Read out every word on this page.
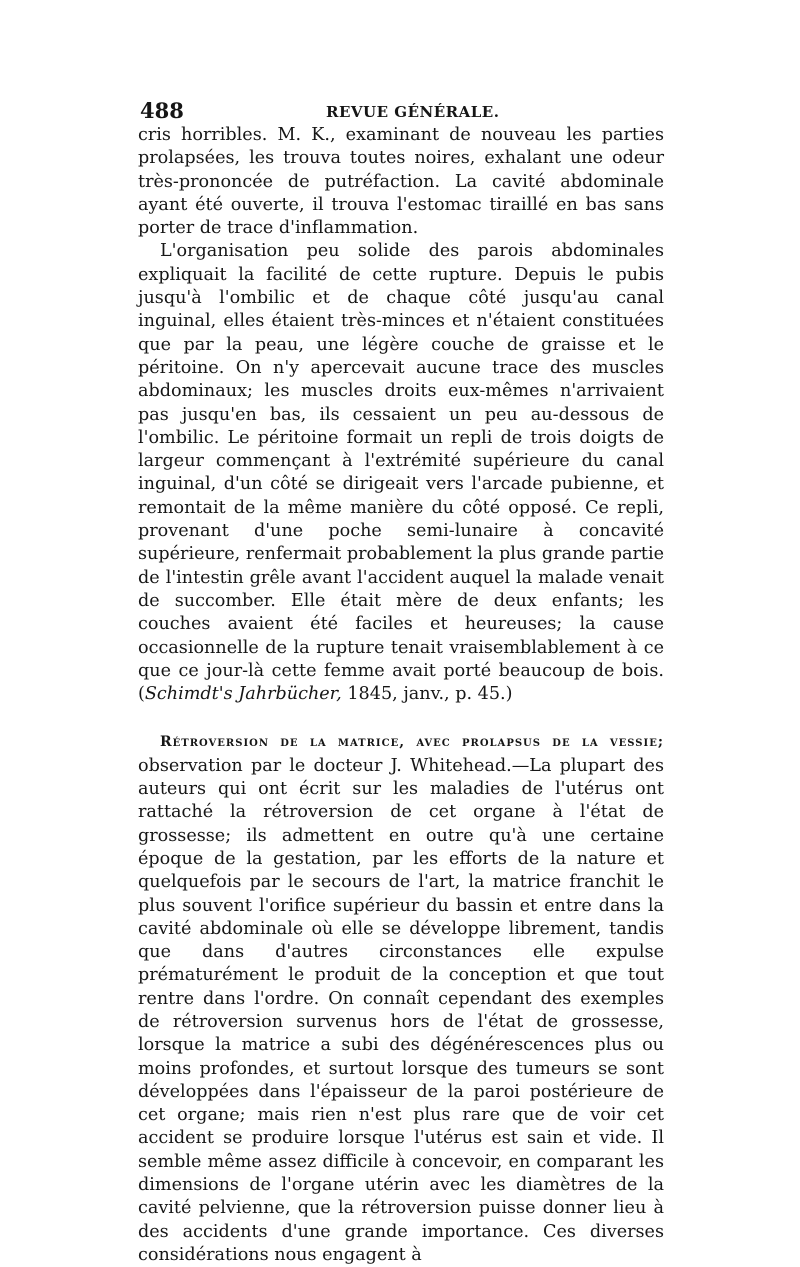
488	REVUE GÉNÉRALE.

cris horribles. M. K., examinant de nouveau les parties prolapsées, les trouva toutes noires, exhalant une odeur très-prononcée de putréfaction. La cavité abdominale ayant été ouverte, il trouva l'estomac tiraillé en bas sans porter de trace d'inflammation.

L'organisation peu solide des parois abdominales expliquait la facilité de cette rupture. Depuis le pubis jusqu'à l'ombilic et de chaque côté jusqu'au canal inguinal, elles étaient très-minces et n'étaient constituées que par la peau, une légère couche de graisse et le péritoine. On n'y apercevait aucune trace des muscles abdominaux; les muscles droits eux-mêmes n'arrivaient pas jusqu'en bas, ils cessaient un peu au-dessous de l'ombilic. Le péritoine formait un repli de trois doigts de largeur commençant à l'extrémité supérieure du canal inguinal, d'un côté se dirigeait vers l'arcade pubienne, et remontait de la même manière du côté opposé. Ce repli, provenant d'une poche semi-lunaire à concavité supérieure, renfermait probablement la plus grande partie de l'intestin grêle avant l'accident auquel la malade venait de succomber. Elle était mère de deux enfants; les couches avaient été faciles et heureuses; la cause occasionnelle de la rupture tenait vraisemblablement à ce que ce jour-là cette femme avait porté beaucoup de bois. (Schimdt's Jahrbücher, 1845, janv., p. 45.)

Rétroversion de la matrice, avec prolapsus de la vessie; observation par le docteur J. Whitehead.—La plupart des auteurs qui ont écrit sur les maladies de l'utérus ont rattaché la rétroversion de cet organe à l'état de grossesse; ils admettent en outre qu'à une certaine époque de la gestation, par les efforts de la nature et quelquefois par le secours de l'art, la matrice franchit le plus souvent l'orifice supérieur du bassin et entre dans la cavité abdominale où elle se développe librement, tandis que dans d'autres circonstances elle expulse prématurément le produit de la conception et que tout rentre dans l'ordre. On connaît cependant des exemples de rétroversion survenus hors de l'état de grossesse, lorsque la matrice a subi des dégénérescences plus ou moins profondes, et surtout lorsque des tumeurs se sont développées dans l'épaisseur de la paroi postérieure de cet organe; mais rien n'est plus rare que de voir cet accident se produire lorsque l'utérus est sain et vide. Il semble même assez difficile à concevoir, en comparant les dimensions de l'organe utérin avec les diamètres de la cavité pelvienne, que la rétroversion puisse donner lieu à des accidents d'une grande importance. Ces diverses considérations nous engagent à
